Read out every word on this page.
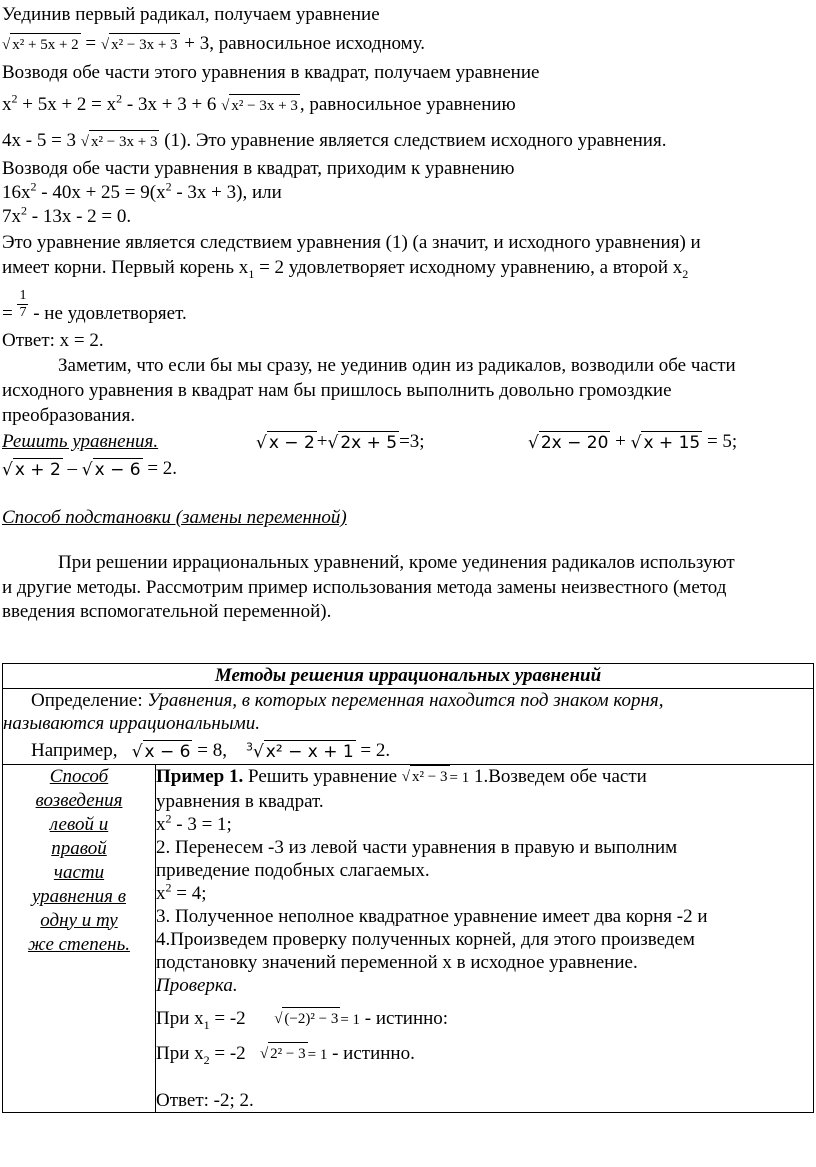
Уединив первый радикал, получаем уравнение
√ x² + 5x + 2 = √ x² − 3x + 3 + 3, равносильное исходному.
Возводя обе части этого уравнения в квадрат, получаем уравнение
$x^2 + 5x + 2 = x^2 - 3x + 3 + 6$ √ x² − 3x + 3 , равносильное уравнению
4x - 5 = 3 √ x² − 3x + 3 (1). Это уравнение является следствием исходного уравнения.
Возводя обе части уравнения в квадрат, приходим к уравнению
$16x^2 - 40x + 25 = 9(x^2 - 3x + 3)$, или
$7x^2 - 13x - 2 = 0$.
Это уравнение является следствием уравнения (1) (а значит, и исходного уравнения) и
имеет корни. Первый корень $x_1 = 2$ удовлетворяет исходному уравнению, а второй $x_2$
= $\frac{1}{7}$ - не удовлетворяет.
Ответ: x = 2.
Заметим, что если бы мы сразу, не уединив один из радикалов, возводили обе части
исходного уравнения в квадрат нам бы пришлось выполнить довольно громоздкие
преобразования.
Решить уравнения.	√ x − 2 +√ 2x + 5 =3;	√ 2x − 20 + √ x + 15 = 5;
√ x + 2 – √ x − 6 = 2.
Способ подстановки (замены переменной)
При решении иррациональных уравнений, кроме уединения радикалов используют
и другие методы. Рассмотрим пример использования метода замены неизвестного (метод
введения вспомогательной переменной).
Методы решения иррациональных уравнений

Определение: Уравнения, в которых переменная находится под знаком корня,
называются иррациональными.
Например, √ x − 6 = 8, $^3$√ x² − x + 1 = 2.

Способ
возведения
левой и
правой
части
уравнения в
одну и ту
же степень.

Пример 1. Решить уравнение √ x² − 3 = 1 1.Возведем обе части
уравнения в квадрат.
$x^2 - 3 = 1$;
2. Перенесем -3 из левой части уравнения в правую и выполним
приведение подобных слагаемых.
$x^2 = 4$;
3. Полученное неполное квадратное уравнение имеет два корня -2 и
4.Произведем проверку полученных корней, для этого произведем
подстановку значений переменной x в исходное уравнение.
Проверка.
При $x_1 = -2$ √ (−2)² − 3 = 1 - истинно:
При $x_2 = -2$ √ 2² − 3 = 1 - истинно.
Ответ: -2; 2.
